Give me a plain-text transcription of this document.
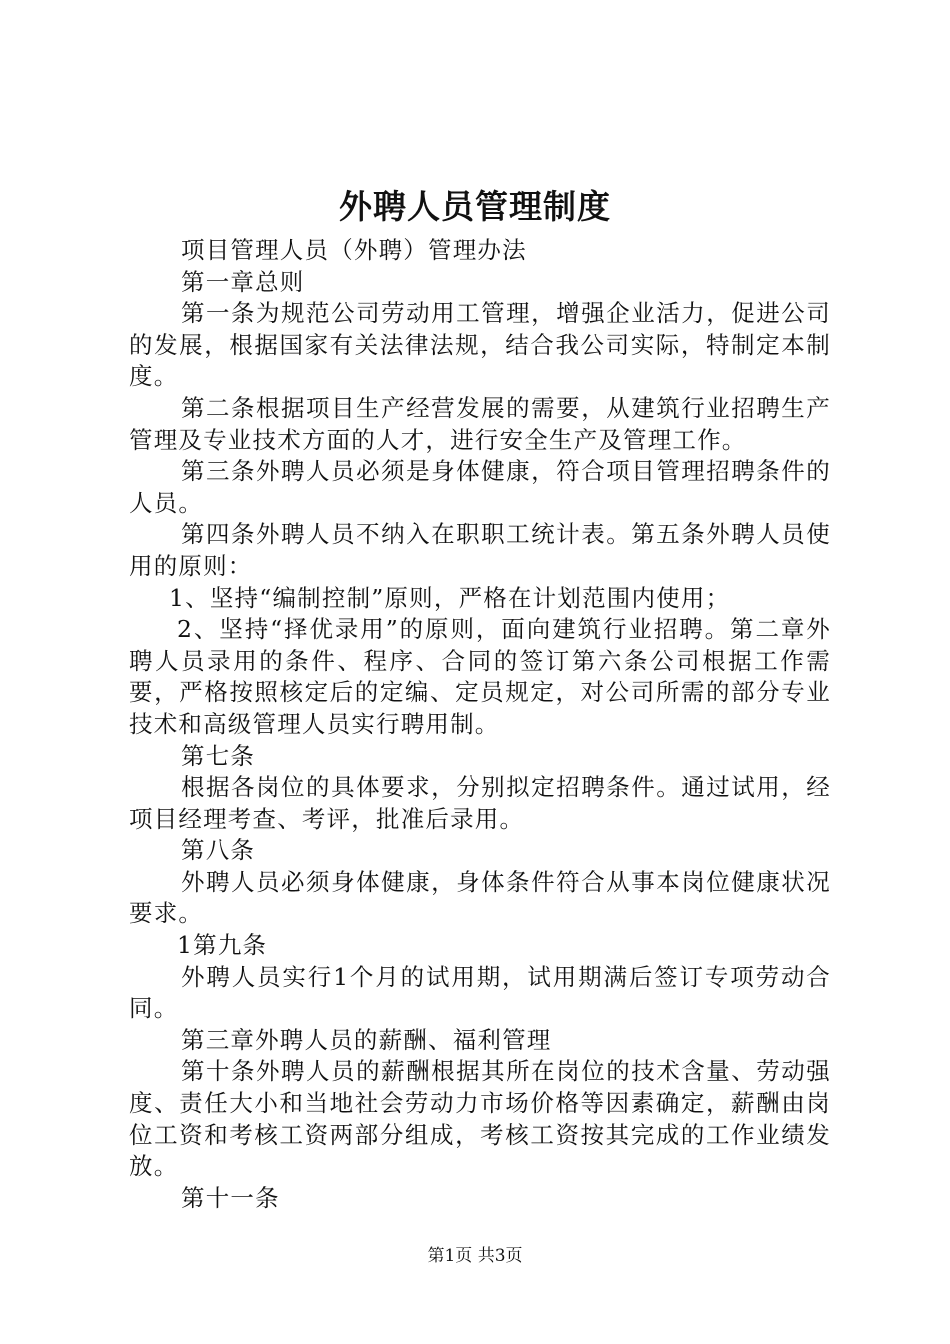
外聘人员管理制度

项目管理人员（外聘）管理办法

第一章总则

第一条为规范公司劳动用工管理，增强企业活力，促进公司的发展，根据国家有关法律法规，结合我公司实际，特制定本制度。

第二条根据项目生产经营发展的需要，从建筑行业招聘生产管理及专业技术方面的人才，进行安全生产及管理工作。

第三条外聘人员必须是身体健康，符合项目管理招聘条件的人员。

第四条外聘人员不纳入在职职工统计表。第五条外聘人员使用的原则：

1、坚持“编制控制”原则，严格在计划范围内使用；

2、坚持“择优录用”的原则，面向建筑行业招聘。第二章外聘人员录用的条件、程序、合同的签订第六条公司根据工作需要，严格按照核定后的定编、定员规定，对公司所需的部分专业技术和高级管理人员实行聘用制。

第七条

根据各岗位的具体要求，分别拟定招聘条件。通过试用，经项目经理考查、考评，批准后录用。

第八条

外聘人员必须身体健康，身体条件符合从事本岗位健康状况要求。

1第九条

外聘人员实行1个月的试用期，试用期满后签订专项劳动合同。

第三章外聘人员的薪酬、福利管理

第十条外聘人员的薪酬根据其所在岗位的技术含量、劳动强度、责任大小和当地社会劳动力市场价格等因素确定，薪酬由岗位工资和考核工资两部分组成，考核工资按其完成的工作业绩发放。

第十一条

第1页 共3页
